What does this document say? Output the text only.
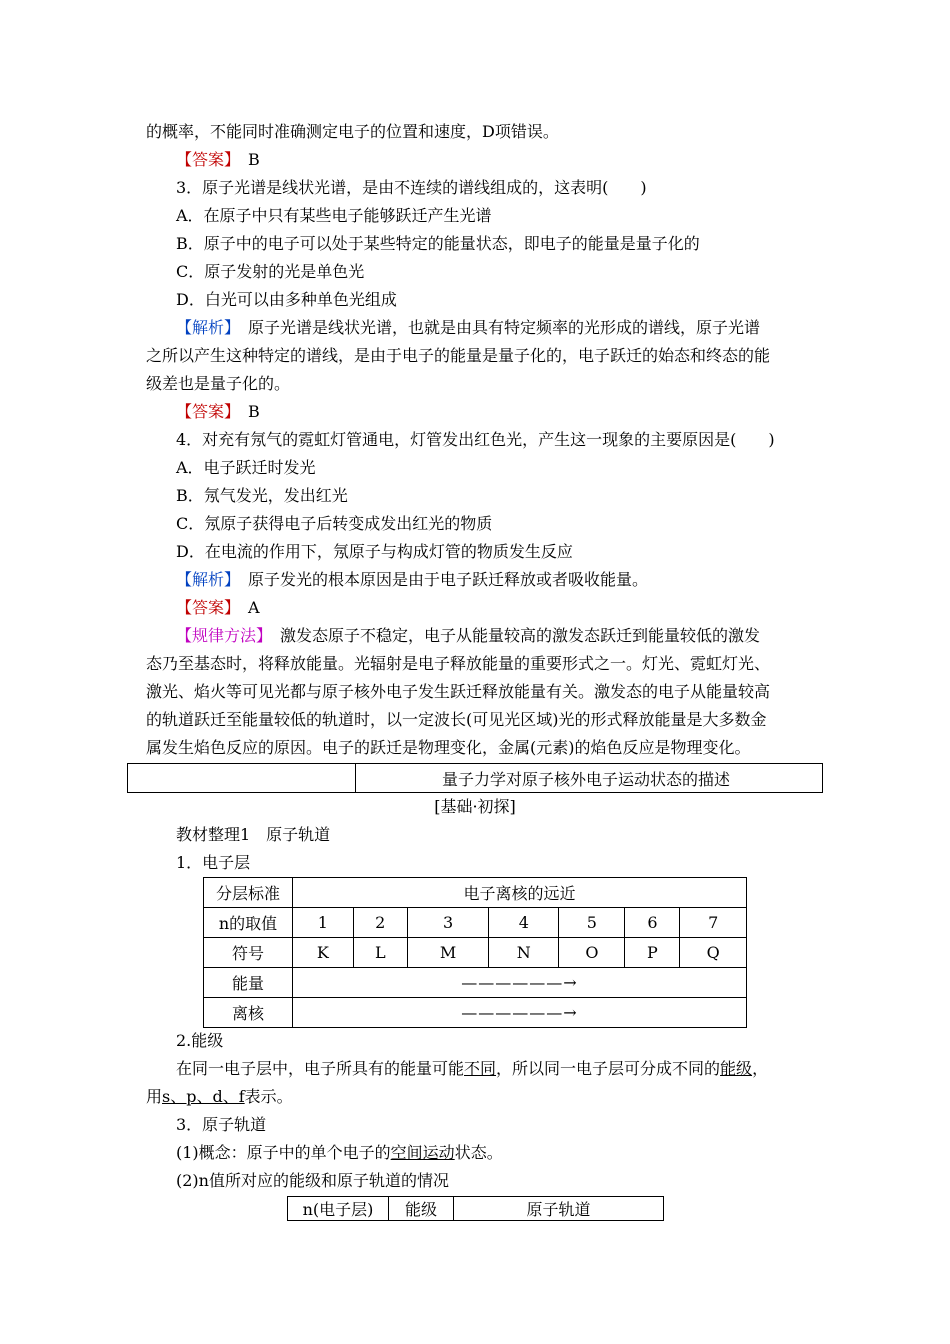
的概率，不能同时准确测定电子的位置和速度，D项错误。
【答案】　 B
3．原子光谱是线状光谱，是由不连续的谱线组成的，这表明(　　)
A．在原子中只有某些电子能够跃迁产生光谱
B．原子中的电子可以处于某些特定的能量状态，即电子的能量是量子化的
C．原子发射的光是单色光
D．白光可以由多种单色光组成
【解析】　 原子光谱是线状光谱，也就是由具有特定频率的光形成的谱线，原子光谱
之所以产生这种特定的谱线，是由于电子的能量是量子化的，电子跃迁的始态和终态的能
级差也是量子化的。
【答案】　 B
4．对充有氖气的霓虹灯管通电，灯管发出红色光，产生这一现象的主要原因是(　　)
A．电子跃迁时发光
B．氖气发光，发出红光
C．氖原子获得电子后转变成发出红光的物质
D．在电流的作用下，氖原子与构成灯管的物质发生反应
【解析】　 原子发光的根本原因是由于电子跃迁释放或者吸收能量。
【答案】　 A
【规律方法】　 激发态原子不稳定，电子从能量较高的激发态跃迁到能量较低的激发
态乃至基态时，将释放能量。光辐射是电子释放能量的重要形式之一。灯光、霓虹灯光、
激光、焰火等可见光都与原子核外电子发生跃迁释放能量有关。激发态的电子从能量较高
的轨道跃迁至能量较低的轨道时，以一定波长(可见光区域)光的形式释放能量是大多数金
属发生焰色反应的原因。电子的跃迁是物理变化，金属(元素)的焰色反应是物理变化。
	量子力学对原子核外电子运动状态的描述
[基础·初探]
教材整理1　原子轨道
1．电子层
分层标准	电子离核的远近						
n的取值	1	2	3	4	5	6	7
符号	K	L	M	N	O	P	Q
能量	——————→						
离核	——————→						
2.能级
在同一电子层中，电子所具有的能量可能不同，所以同一电子层可分成不同的能级，
用s、p、d、f表示。
3．原子轨道
(1)概念：原子中的单个电子的空间运动状态。
(2)n值所对应的能级和原子轨道的情况
n(电子层)	能级	原子轨道
